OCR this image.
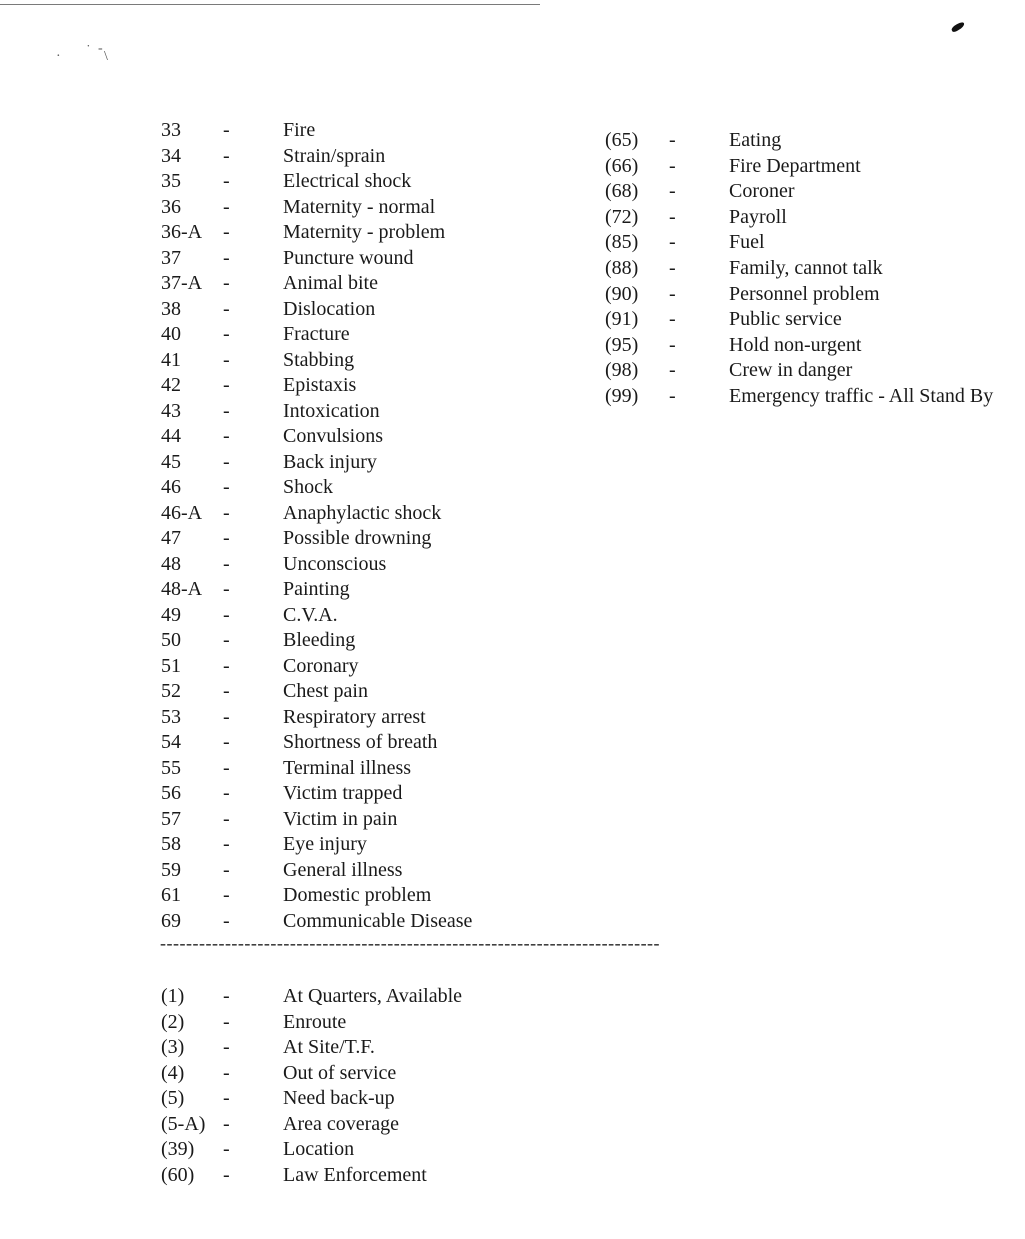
· ˙ -
\
33 -	Fire
34 -	Strain/sprain
35 -	Electrical shock
36 -	Maternity - normal
36-A -	Maternity - problem
37 -	Puncture wound
37-A -	Animal bite
38 -	Dislocation
40 -	Fracture
41 -	Stabbing
42 -	Epistaxis
43 -	Intoxication
44 -	Convulsions
45 -	Back injury
46 -	Shock
46-A -	Anaphylactic shock
47 -	Possible drowning
48 -	Unconscious
48-A -	Painting
49 -	C.V.A.
50 -	Bleeding
51 -	Coronary
52 -	Chest pain
53 -	Respiratory arrest
54 -	Shortness of breath
55 -	Terminal illness
56 -	Victim trapped
57 -	Victim in pain
58 -	Eye injury
59 -	General illness
61 -	Domestic problem
69 -	Communicable Disease
(65) -	Eating
(66) -	Fire Department
(68) -	Coroner
(72) -	Payroll
(85) -	Fuel
(88) -	Family, cannot talk
(90) -	Personnel problem
(91) -	Public service
(95) -	Hold non-urgent
(98) -	Crew in danger
(99) -	Emergency traffic - All Stand By
-----------------------------------------------------------------------------
(1) -	At Quarters, Available
(2) -	Enroute
(3) -	At Site/T.F.
(4) -	Out of service
(5) -	Need back-up
(5-A) -	Area coverage
(39) -	Location
(60) -	Law Enforcement
